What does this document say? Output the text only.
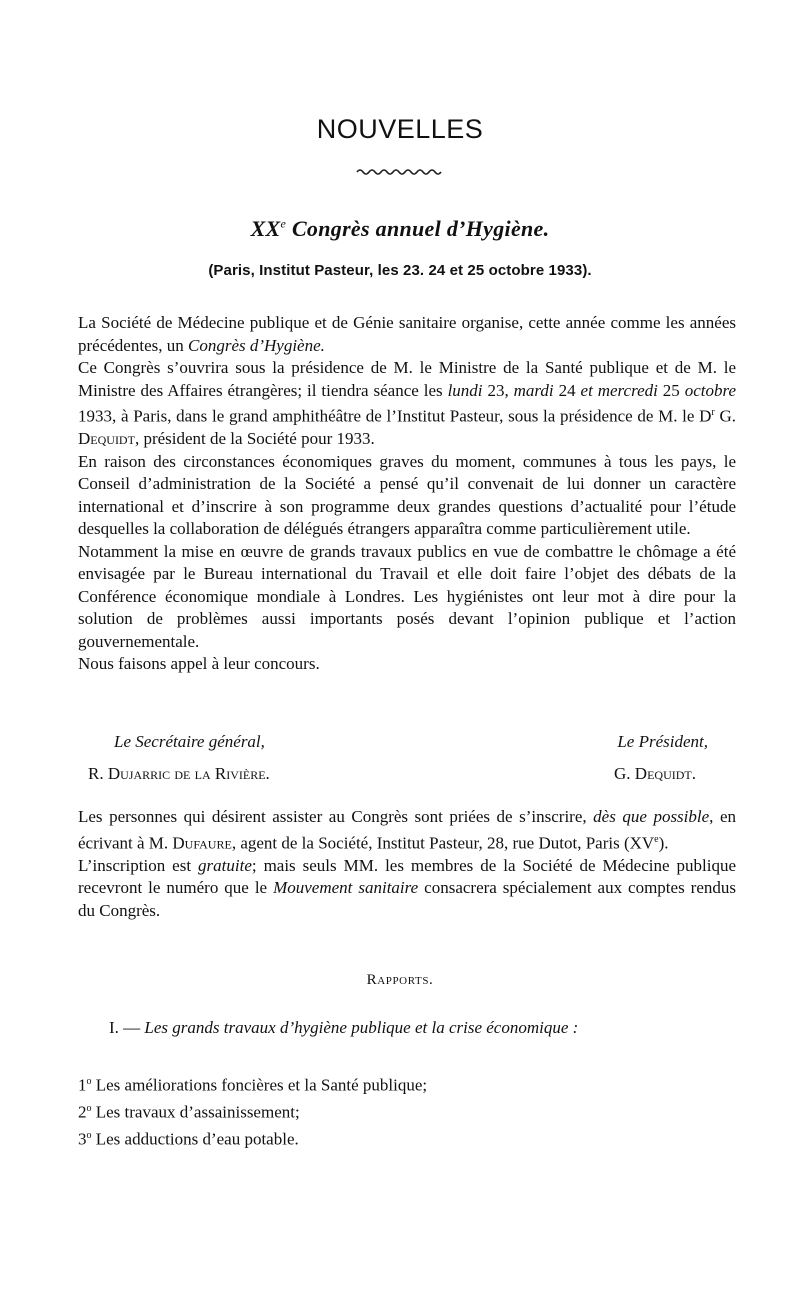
NOUVELLES
XXe Congrès annuel d’Hygiène.
(Paris, Institut Pasteur, les 23. 24 et 25 octobre 1933).

La Société de Médecine publique et de Génie sanitaire organise, cette année comme les années précédentes, un Congrès d’Hygiène.

Ce Congrès s’ouvrira sous la présidence de M. le Ministre de la Santé publique et de M. le Ministre des Affaires étrangères; il tiendra séance les lundi 23, mardi 24 et mercredi 25 octobre 1933, à Paris, dans le grand amphithéâtre de l’Institut Pasteur, sous la présidence de M. le $D^r$ G. Dequidt, président de la Société pour 1933.

En raison des circonstances économiques graves du moment, communes à tous les pays, le Conseil d’administration de la Société a pensé qu’il convenait de lui donner un caractère international et d’inscrire à son programme deux grandes questions d’actualité pour l’étude desquelles la collaboration de délégués étrangers apparaîtra comme particulièrement utile.

Notamment la mise en œuvre de grands travaux publics en vue de combattre le chômage a été envisagée par le Bureau international du Travail et elle doit faire l’objet des débats de la Conférence économique mondiale à Londres. Les hygiénistes ont leur mot à dire pour la solution de problèmes aussi importants posés devant l’opinion publique et l’action gouvernementale.

Nous faisons appel à leur concours.

Le Secrétaire général,	Le Président,
R. Dujarric de la Rivière.	G. Dequidt.

Les personnes qui désirent assister au Congrès sont priées de s’inscrire, dès que possible, en écrivant à M. Dufaure, agent de la Société, Institut Pasteur, 28, rue Dutot, Paris (XVe).

L’inscription est gratuite; mais seuls MM. les membres de la Société de Médecine publique recevront le numéro que le Mouvement sanitaire consacrera spécialement aux comptes rendus du Congrès.

Rapports.
I. — Les grands travaux d’hygiène publique et la crise économique :
1$^o$ Les améliorations foncières et la Santé publique;
2$^o$ Les travaux d’assainissement;
3$^o$ Les adductions d’eau potable.
